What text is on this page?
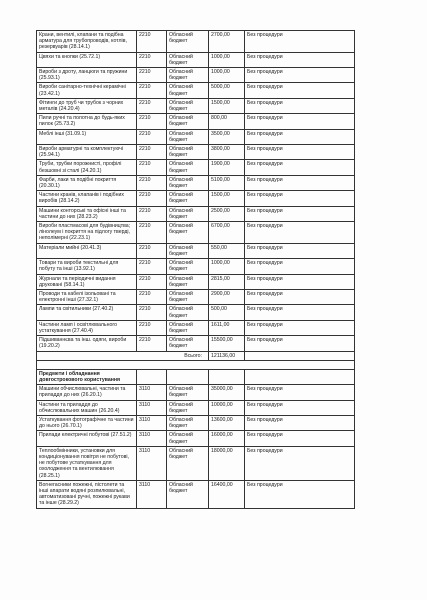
Крани, вентилі, клапани та подібна арматура для трубопроводів, котлів, резервуарів (28.14.1)	2210	Обласний бюджет	2700,00	Без процедури
Цвяхи та кнопки (25.72.1)	2210	Обласний бюджет	1000,00	Без процедури
Вироби з дроту, ланцюги та пружини (25.93.1)	2210	Обласний бюджет	1000,00	Без процедури
Вироби санітарно-технічні керамічні (23.42.1)	2210	Обласний бюджет	5000,00	Без процедури
Фітинги до труб чи трубок з чорних металів (24.20.4)	2210	Обласний бюджет	1500,00	Без процедури
Пили ручні та полотна до будь-яких пилок (25.73.2)	2210	Обласний бюджет	800,00	Без процедури
Меблі інші (31.09.1)	2210	Обласний бюджет	3500,00	Без процедури
Вироби арматурні та комплектуючі (25.94.1)	2210	Обласний бюджет	3800,00	Без процедури
Труби, трубки порожнисті, профілі безшовні зі сталі (24.20.1)	2210	Обласний бюджет	1900,00	Без процедури
Фарби, лаки та подібні покриття (20.30.1)	2210	Обласний бюджет	5100,00	Без процедури
Частини кранів, клапанів і подібних виробів (28.14.2)	2210	Обласний бюджет	1500,00	Без процедури
Машини конторські та офісні інші та частини до них (28.23.2)	2210	Обласний бюджет	2500,00	Без процедури
Вироби пластмасові для будівництва; лінолеум і покриття на підлогу тверді, неполімерні (22.23.1)	2210	Обласний бюджет	6700,00	Без процедури
Матеріали мийні (20.41.3)	2210	Обласний бюджет	550,00	Без процедури
Товари та вироби текстильні для побуту та інші (13.92.1)	2210	Обласний бюджет	1000,00	Без процедури
Журнали та періодичні видання друковані (58.14.1)	2210	Обласний бюджет	2815,00	Без процедури
Проводи та кабелі ізольовані та електронні інші (27.32.1)	2210	Обласний бюджет	2900,00	Без процедури
Лампи та світильники (27.40.2)	2210	Обласний бюджет	500,00	Без процедури
Частини ламп і освітлювального устаткування (27.40.4)	2210	Обласний бюджет	1611,00	Без процедури
Підшиваннєва та інш. одяги, вироби (19.20.2)	2210	Обласний бюджет	15500,00	Без процедури
Всього:			121136,00	

Предмети і обладнання довгострокового користування				
Машини обчислювальні, частини та приладдя до них (26.20.1)	3110	Обласний бюджет	35000,00	Без процедури
Частини та приладдя до обчислювальних машин (26.20.4)	3110	Обласний бюджет	10000,00	Без процедури
Устаткування фотографічне та частини до нього (26.70.1)	3110	Обласний бюджет	13600,00	Без процедури
Прилади електричні побутові (27.51.2)	3110	Обласний бюджет	16000,00	Без процедури
Теплообмінники, установки для кондиціонування повітря не побутові, не побутове устаткування для охолодження та вентилювання (28.25.1)	3110	Обласний бюджет	18000,00	Без процедури
Вогнегасники пожежні, пістолети та інші апарати водяні розпилювальні, автоматизовані ручні, пожежні рукави та інше (28.29.2)	3110	Обласний бюджет	16400,00	Без процедури
